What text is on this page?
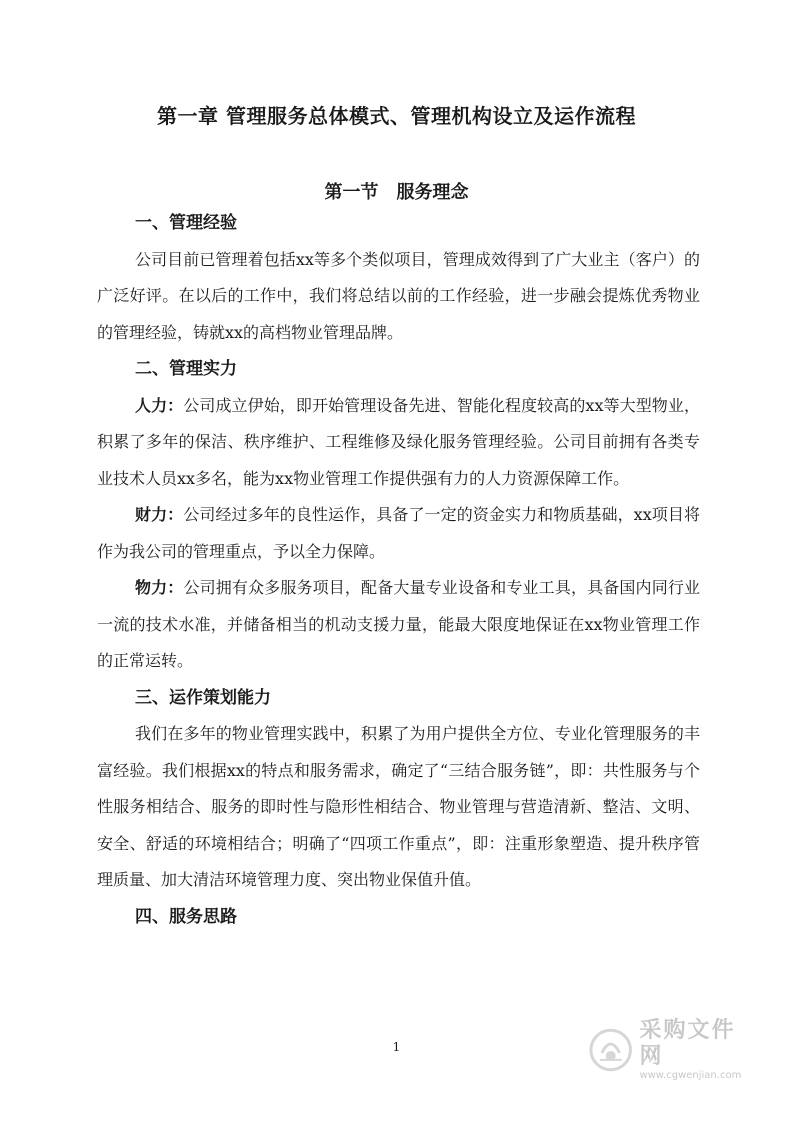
第一章 管理服务总体模式、管理机构设立及运作流程
第一节　服务理念

一、管理经验

公司目前已管理着包括xx等多个类似项目，管理成效得到了广大业主（客户）的广泛好评。在以后的工作中，我们将总结以前的工作经验，进一步融会提炼优秀物业的管理经验，铸就xx的高档物业管理品牌。

二、管理实力

人力：公司成立伊始，即开始管理设备先进、智能化程度较高的xx等大型物业，积累了多年的保洁、秩序维护、工程维修及绿化服务管理经验。公司目前拥有各类专业技术人员xx多名，能为xx物业管理工作提供强有力的人力资源保障工作。

财力：公司经过多年的良性运作，具备了一定的资金实力和物质基础，xx项目将作为我公司的管理重点，予以全力保障。

物力：公司拥有众多服务项目，配备大量专业设备和专业工具，具备国内同行业一流的技术水准，并储备相当的机动支援力量，能最大限度地保证在xx物业管理工作的正常运转。

三、运作策划能力

我们在多年的物业管理实践中，积累了为用户提供全方位、专业化管理服务的丰富经验。我们根据xx的特点和服务需求，确定了“三结合服务链”，即：共性服务与个性服务相结合、服务的即时性与隐形性相结合、物业管理与营造清新、整洁、文明、安全、舒适的环境相结合；明确了“四项工作重点”，即：注重形象塑造、提升秩序管理质量、加大清洁环境管理力度、突出物业保值升值。

四、服务思路

1
采购文件网
www.cgwenjian.com
